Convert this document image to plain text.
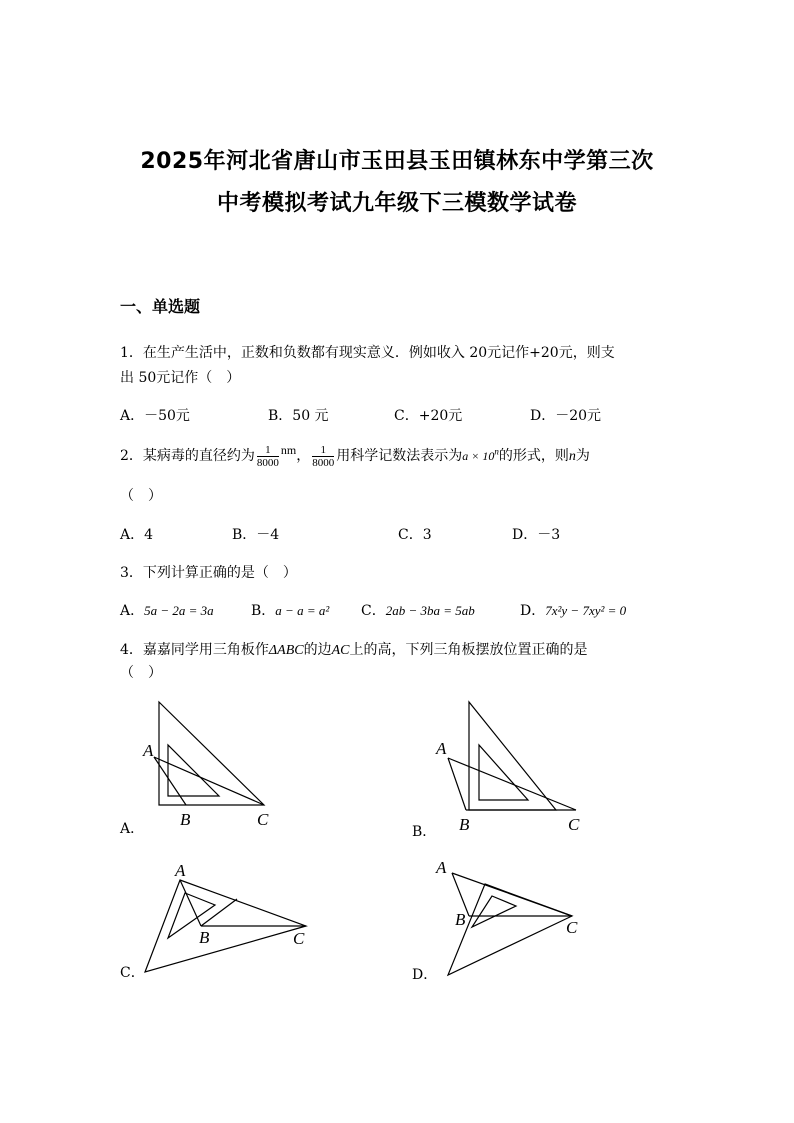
2025年河北省唐山市玉田县玉田镇林东中学第三次
中考模拟考试九年级下三模数学试卷
一、单选题
1．在生产生活中，正数和负数都有现实意义．例如收入 20元记作+20元，则支
出 50元记作（　）
A．－50元	B．50 元	C．+20元	D．－20元
2．某病毒的直径约为 $\frac{1}{8000}$ nm， $\frac{1}{8000}$ 用科学记数法表示为$a \times 10^n$的形式，则n为
（　）
A．4	B．－4	C．3	D．－3
3．下列计算正确的是（　）
A．5a − 2a = 3a	B．a − a = a² C．2ab − 3ba = 5ab	D．7x²y − 7xy² = 0
4．嘉嘉同学用三角板作ΔABC的边AC上的高，下列三角板摆放位置正确的是
（　）
A
B	C
A．
A
B	C
B．
A
B	C
C．
A
B	C
D．
